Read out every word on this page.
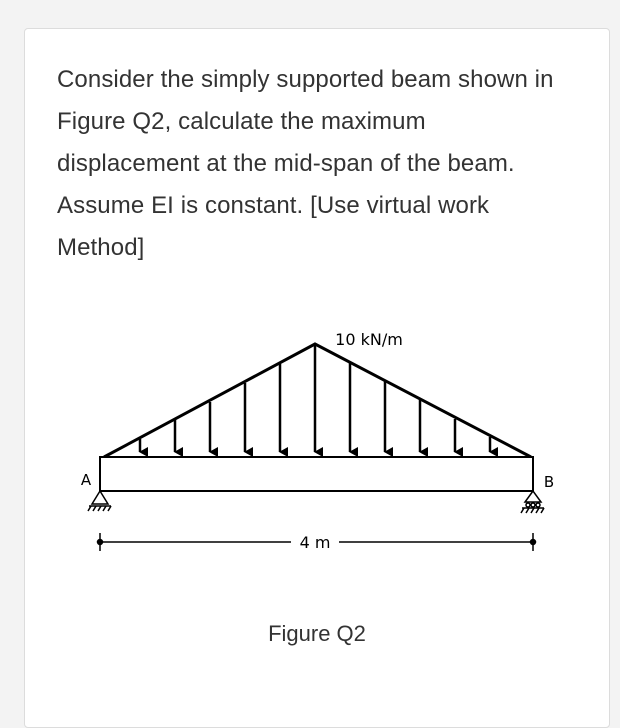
Consider the simply supported beam shown in
Figure Q2, calculate the maximum
displacement at the mid-span of the beam.
Assume EI is constant. [Use virtual work
Method]

10 kN/m
A	B
4 m
Figure Q2
